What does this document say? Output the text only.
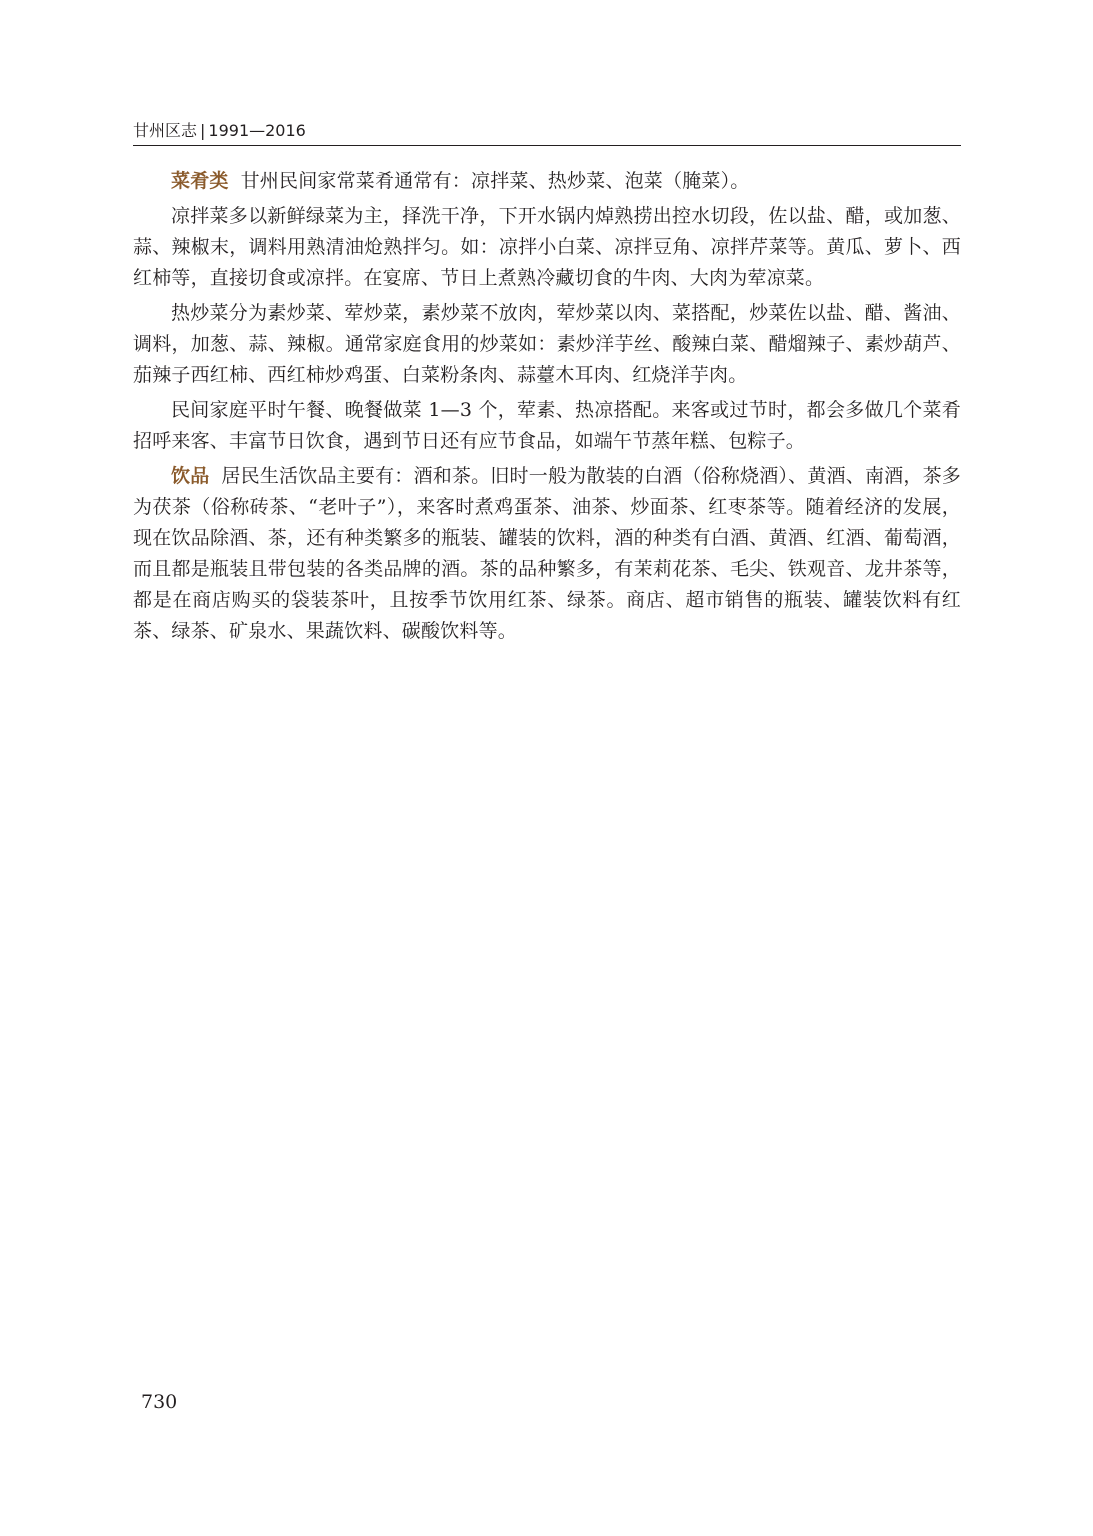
甘州区志 | 1991—2016

菜肴类 甘州民间家常菜肴通常有：凉拌菜、热炒菜、泡菜（腌菜）。

凉拌菜多以新鲜绿菜为主，择洗干净，下开水锅内焯熟捞出控水切段，佐以盐、醋，或加葱、蒜、辣椒末，调料用熟清油炝熟拌匀。如：凉拌小白菜、凉拌豆角、凉拌芹菜等。黄瓜、萝卜、西红柿等，直接切食或凉拌。在宴席、节日上煮熟冷藏切食的牛肉、大肉为荤凉菜。

热炒菜分为素炒菜、荤炒菜，素炒菜不放肉，荤炒菜以肉、菜搭配，炒菜佐以盐、醋、酱油、调料，加葱、蒜、辣椒。通常家庭食用的炒菜如：素炒洋芋丝、酸辣白菜、醋熘辣子、素炒葫芦、茄辣子西红柿、西红柿炒鸡蛋、白菜粉条肉、蒜薹木耳肉、红烧洋芋肉。

民间家庭平时午餐、晚餐做菜 1—3 个，荤素、热凉搭配。来客或过节时，都会多做几个菜肴招呼来客、丰富节日饮食，遇到节日还有应节食品，如端午节蒸年糕、包粽子。

饮品 居民生活饮品主要有：酒和茶。旧时一般为散装的白酒（俗称烧酒）、黄酒、南酒，茶多为茯茶（俗称砖茶、“老叶子”），来客时煮鸡蛋茶、油茶、炒面茶、红枣茶等。随着经济的发展，现在饮品除酒、茶，还有种类繁多的瓶装、罐装的饮料，酒的种类有白酒、黄酒、红酒、葡萄酒，而且都是瓶装且带包装的各类品牌的酒。茶的品种繁多，有茉莉花茶、毛尖、铁观音、龙井茶等，都是在商店购买的袋装茶叶，且按季节饮用红茶、绿茶。商店、超市销售的瓶装、罐装饮料有红茶、绿茶、矿泉水、果蔬饮料、碳酸饮料等。

730
